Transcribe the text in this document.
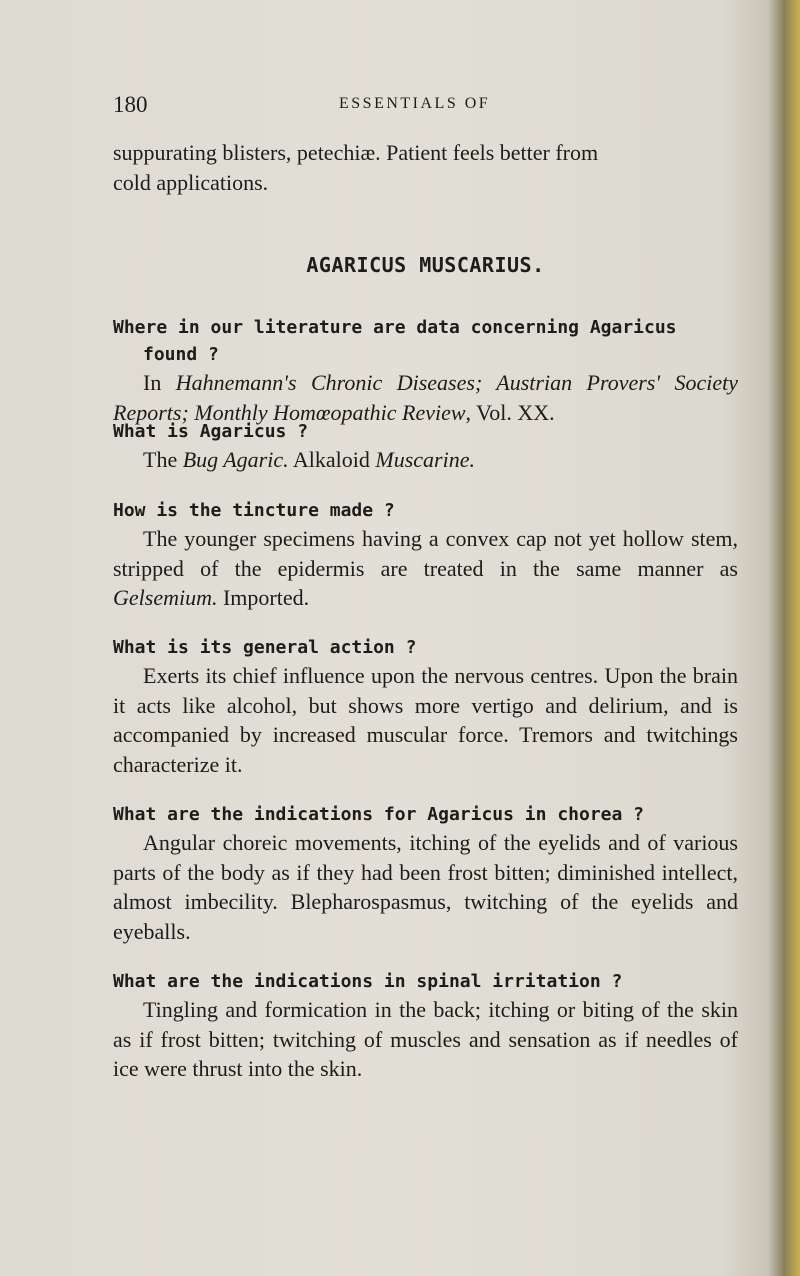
180	ESSENTIALS OF

suppurating blisters, petechiæ. Patient feels better from

cold applications.

AGARICUS MUSCARIUS.

Where in our literature are data concerning Agaricus found ?

In Hahnemann's Chronic Diseases; Austrian Provers' Society Reports; Monthly Homœopathic Review, Vol. XX.

What is Agaricus ?

The Bug Agaric. Alkaloid Muscarine.

How is the tincture made ?

The younger specimens having a convex cap not yet hollow stem, stripped of the epidermis are treated in the same manner as Gelsemium. Imported.

What is its general action ?

Exerts its chief influence upon the nervous centres. Upon the brain it acts like alcohol, but shows more vertigo and delirium, and is accompanied by increased muscular force. Tremors and twitchings characterize it.

What are the indications for Agaricus in chorea ?

Angular choreic movements, itching of the eyelids and of various parts of the body as if they had been frost bitten; diminished intellect, almost imbecility. Blepharospasmus, twitching of the eyelids and eyeballs.

What are the indications in spinal irritation ?

Tingling and formication in the back; itching or biting of the skin as if frost bitten; twitching of muscles and sensation as if needles of ice were thrust into the skin.
